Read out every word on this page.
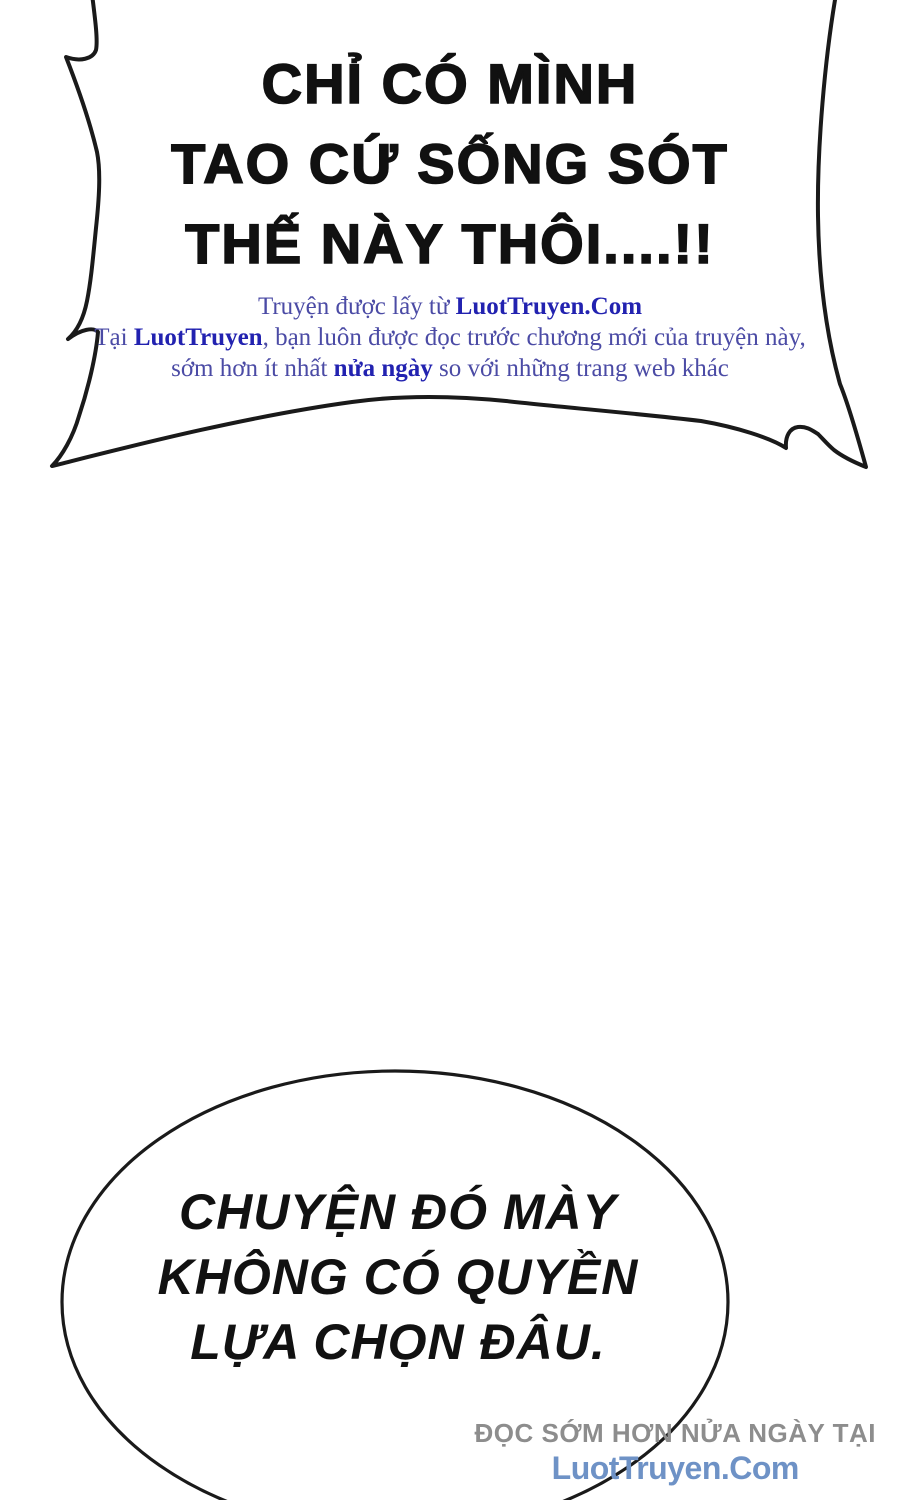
CHỈ CÓ MÌNH
TAO CỨ SỐNG SÓT
THẾ NÀY THÔI....!!
Truyện được lấy từ LuotTruyen.Com
Tại LuotTruyen, bạn luôn được đọc trước chương mới của truyện này,
sớm hơn ít nhất nửa ngày so với những trang web khác
CHUYỆN ĐÓ MÀY
KHÔNG CÓ QUYỀN
LỰA CHỌN ĐÂU.
ĐỌC SỚM HƠN NỬA NGÀY TẠI
LuotTruyen.Com
